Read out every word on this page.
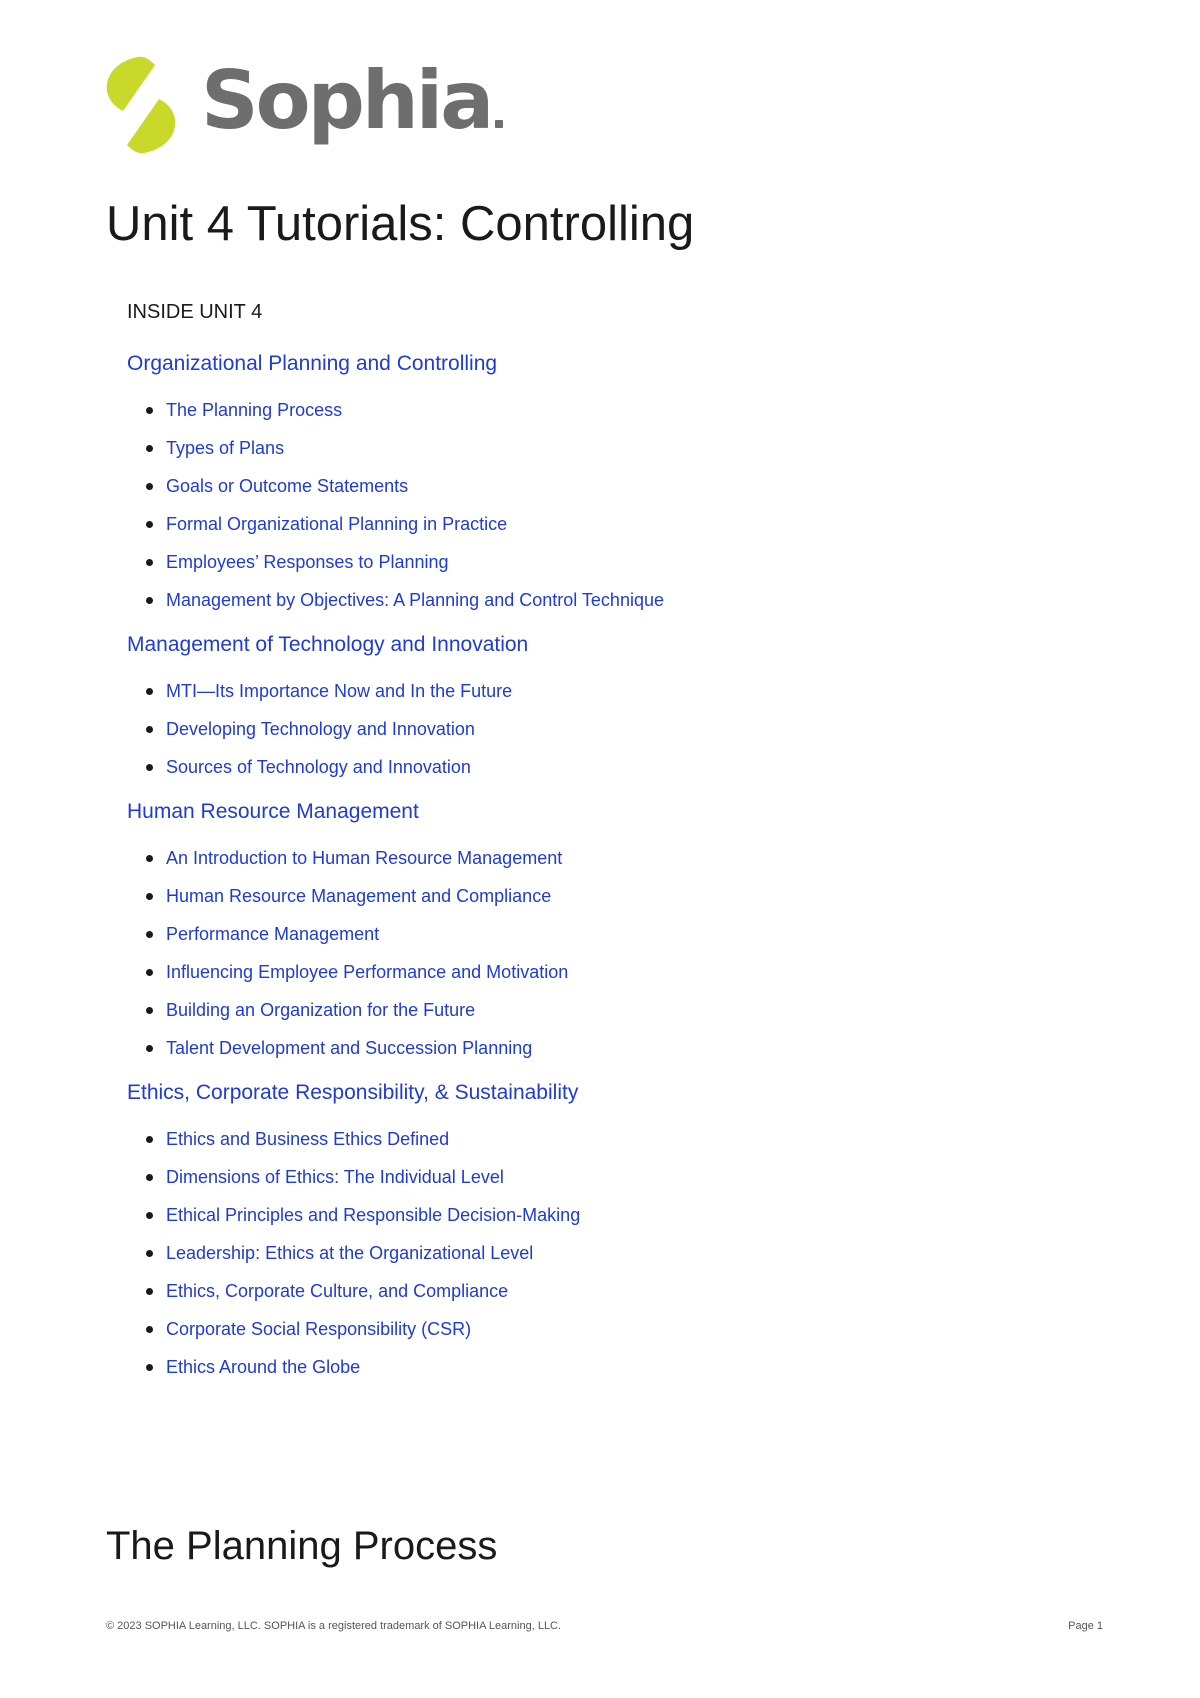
Sophia
Unit 4 Tutorials: Controlling
INSIDE UNIT 4
Organizational Planning and Controlling
The Planning Process
Types of Plans
Goals or Outcome Statements
Formal Organizational Planning in Practice
Employees’ Responses to Planning
Management by Objectives: A Planning and Control Technique
Management of Technology and Innovation
MTI—Its Importance Now and In the Future
Developing Technology and Innovation
Sources of Technology and Innovation
Human Resource Management
An Introduction to Human Resource Management
Human Resource Management and Compliance
Performance Management
Influencing Employee Performance and Motivation
Building an Organization for the Future
Talent Development and Succession Planning
Ethics, Corporate Responsibility, & Sustainability
Ethics and Business Ethics Defined
Dimensions of Ethics: The Individual Level
Ethical Principles and Responsible Decision-Making
Leadership: Ethics at the Organizational Level
Ethics, Corporate Culture, and Compliance
Corporate Social Responsibility (CSR)
Ethics Around the Globe
The Planning Process
© 2023 SOPHIA Learning, LLC. SOPHIA is a registered trademark of SOPHIA Learning, LLC.	Page 1
